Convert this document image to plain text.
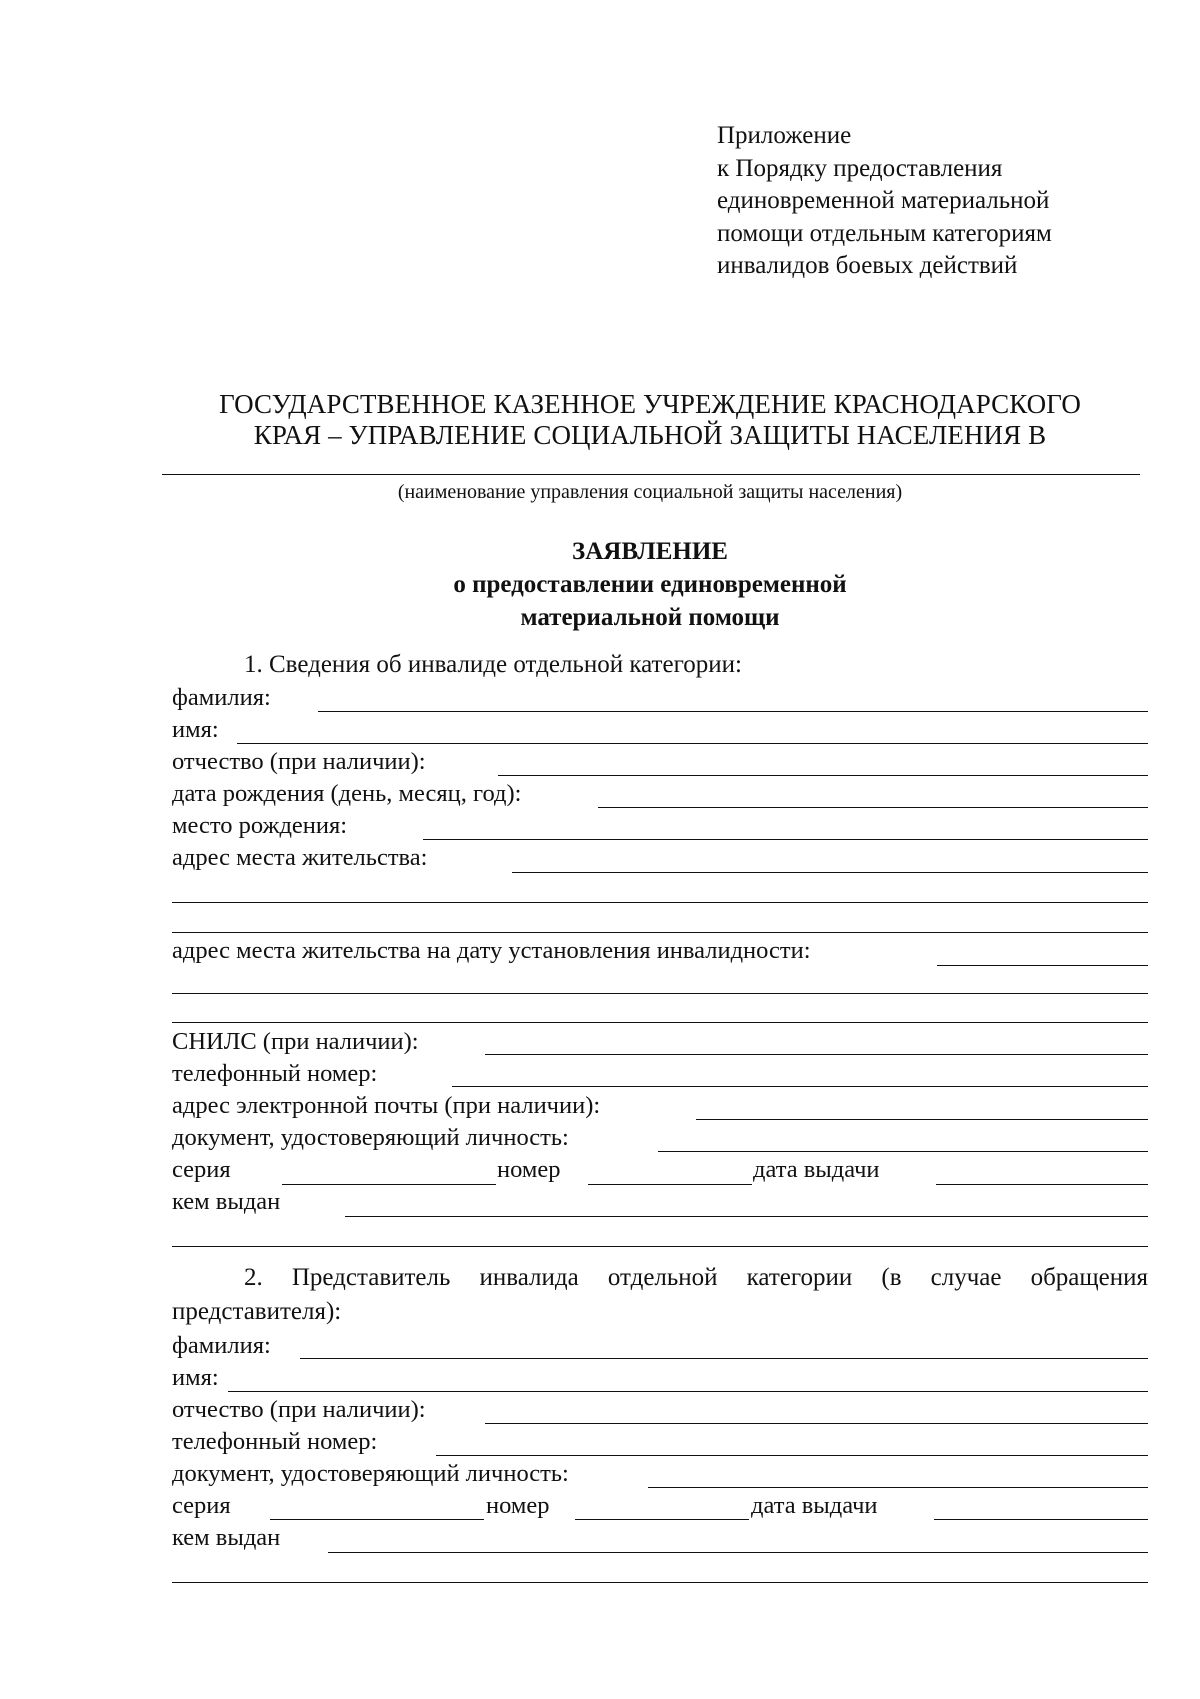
Приложение
к Порядку предоставления
единовременной материальной
помощи отдельным категориям
инвалидов боевых действий
ГОСУДАРСТВЕННОЕ КАЗЕННОЕ УЧРЕЖДЕНИЕ КРАСНОДАРСКОГО
КРАЯ – УПРАВЛЕНИЕ СОЦИАЛЬНОЙ ЗАЩИТЫ НАСЕЛЕНИЯ В
(наименование управления социальной защиты населения)
ЗАЯВЛЕНИЕ
о предоставлении единовременной
материальной помощи
1. Сведения об инвалиде отдельной категории:
фамилия:
имя:
отчество (при наличии):
дата рождения (день, месяц, год):
место рождения:
адрес места жительства:
адрес места жительства на дату установления инвалидности:
СНИЛС (при наличии):
телефонный номер:
адрес электронной почты (при наличии):
документ, удостоверяющий личность:
серия	номер	дата выдачи
кем выдан
2. Представитель инвалида отдельной категории (в случае обращения
представителя):
фамилия:
имя:
отчество (при наличии):
телефонный номер:
документ, удостоверяющий личность:
серия	номер	дата выдачи
кем выдан
